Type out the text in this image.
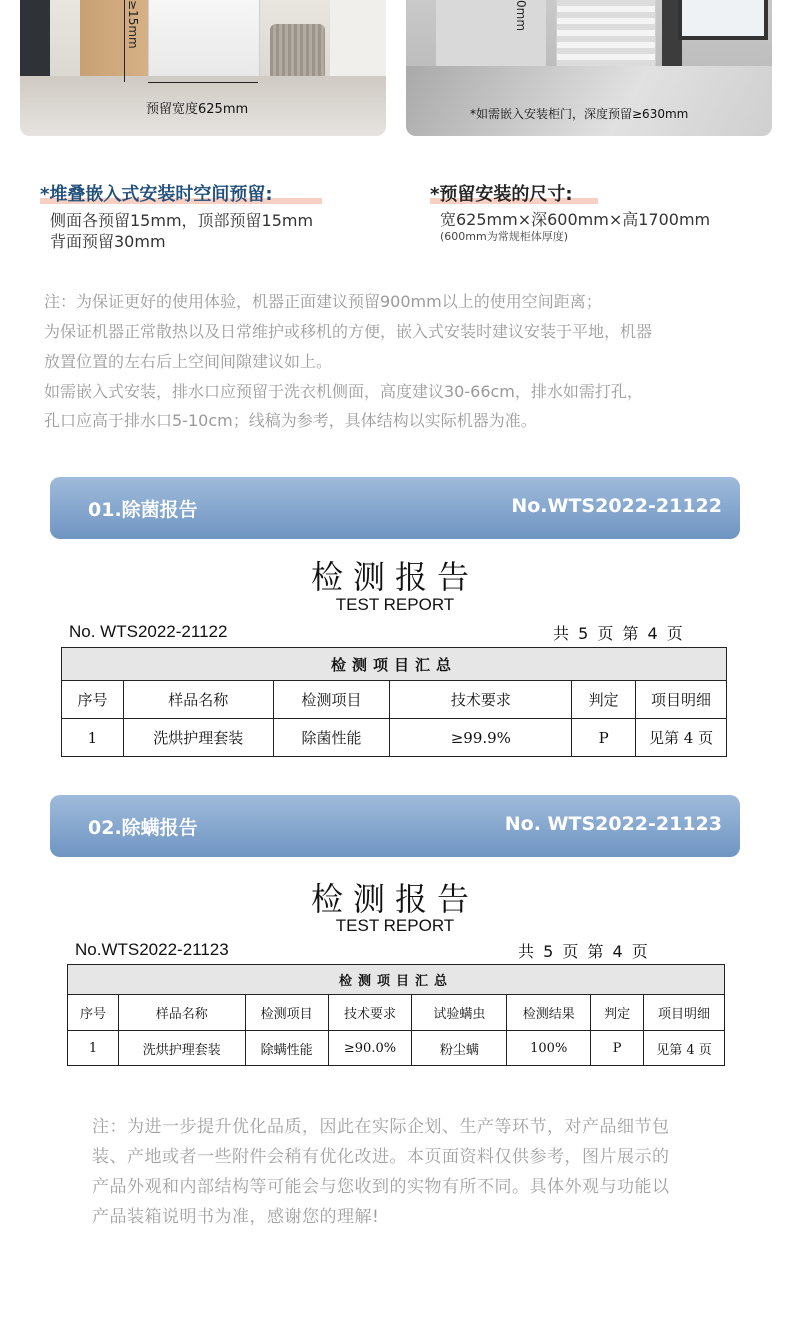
≥15mm
预留宽度625mm
0mm
*如需嵌入安装柜门，深度预留≥630mm
*堆叠嵌入式安装时空间预留:
侧面各预留15mm，顶部预留15mm
背面预留30mm
*预留安装的尺寸:
宽625mm×深600mm×高1700mm
(600mm为常规柜体厚度)
注：为保证更好的使用体验，机器正面建议预留900mm以上的使用空间距离；
为保证机器正常散热以及日常维护或移机的方便，嵌入式安装时建议安装于平地，机器
放置位置的左右后上空间间隙建议如上。
如需嵌入式安装，排水口应预留于洗衣机侧面，高度建议30-66cm，排水如需打孔，
孔口应高于排水口5-10cm；线稿为参考，具体结构以实际机器为准。
01.除菌报告	No.WTS2022-21122
检测报告
TEST REPORT
No. WTS2022-21122	共 5 页 第 4 页
检测项目汇总					
序号	样品名称	检测项目	技术要求	判定	项目明细
1	洗烘护理套装	除菌性能	≥99.9%	P	见第 4 页
02.除螨报告	No. WTS2022-21123
检测报告
TEST REPORT
No.WTS2022-21123	共 5 页 第 4 页
检测项目汇总							
序号	样品名称	检测项目	技术要求	试验螨虫	检测结果	判定	项目明细
1	洗烘护理套装	除螨性能	≥90.0%	粉尘螨	100%	P	见第 4 页
注：为进一步提升优化品质，因此在实际企划、生产等环节，对产品细节包
装、产地或者一些附件会稍有优化改进。本页面资料仅供参考，图片展示的
产品外观和内部结构等可能会与您收到的实物有所不同。具体外观与功能以
产品装箱说明书为准，感谢您的理解!
